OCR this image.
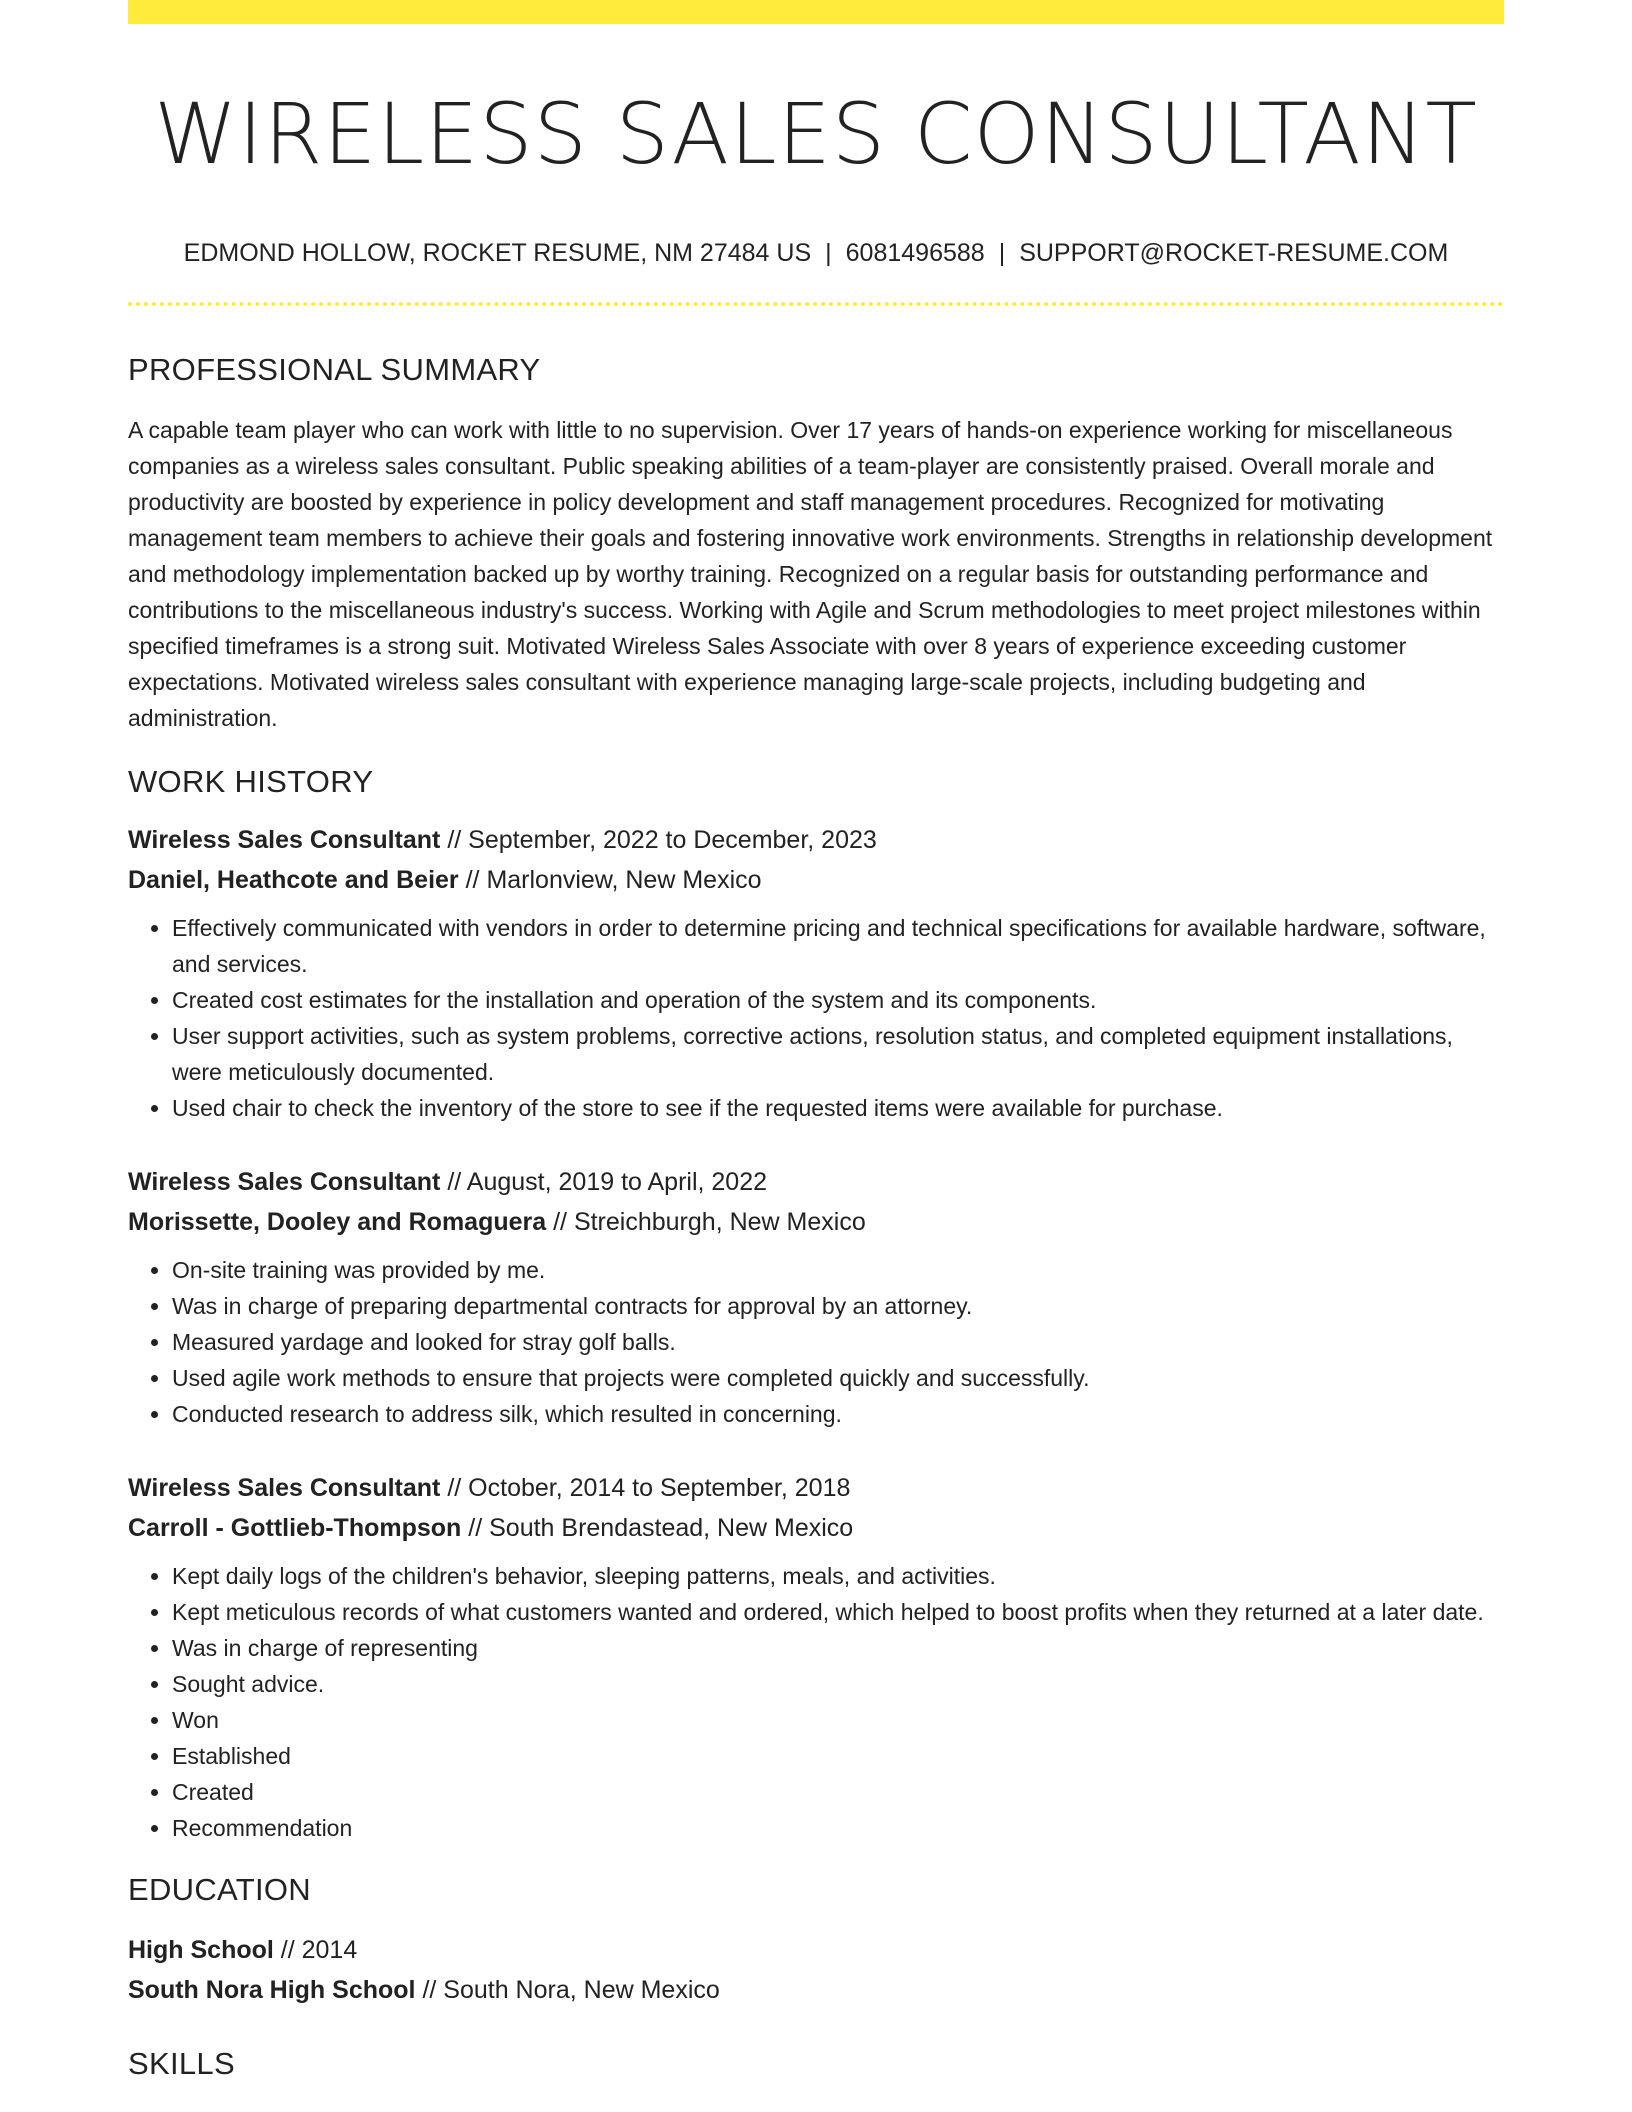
WIRELESS SALES CONSULTANT
EDMOND HOLLOW, ROCKET RESUME, NM 27484 US | 6081496588 | SUPPORT@ROCKET-RESUME.COM
PROFESSIONAL SUMMARY
A capable team player who can work with little to no supervision. Over 17 years of hands-on experience working for miscellaneous companies as a wireless sales consultant. Public speaking abilities of a team-player are consistently praised. Overall morale and productivity are boosted by experience in policy development and staff management procedures. Recognized for motivating management team members to achieve their goals and fostering innovative work environments. Strengths in relationship development and methodology implementation backed up by worthy training. Recognized on a regular basis for outstanding performance and contributions to the miscellaneous industry's success. Working with Agile and Scrum methodologies to meet project milestones within specified timeframes is a strong suit. Motivated Wireless Sales Associate with over 8 years of experience exceeding customer expectations. Motivated wireless sales consultant with experience managing large-scale projects, including budgeting and administration.
WORK HISTORY
Wireless Sales Consultant // September, 2022 to December, 2023
Daniel, Heathcote and Beier // Marlonview, New Mexico
• Effectively communicated with vendors in order to determine pricing and technical specifications for available hardware, software, and services.
• Created cost estimates for the installation and operation of the system and its components.
• User support activities, such as system problems, corrective actions, resolution status, and completed equipment installations, were meticulously documented.
• Used chair to check the inventory of the store to see if the requested items were available for purchase.
Wireless Sales Consultant // August, 2019 to April, 2022
Morissette, Dooley and Romaguera // Streichburgh, New Mexico
• On-site training was provided by me.
• Was in charge of preparing departmental contracts for approval by an attorney.
• Measured yardage and looked for stray golf balls.
• Used agile work methods to ensure that projects were completed quickly and successfully.
• Conducted research to address silk, which resulted in concerning.
Wireless Sales Consultant // October, 2014 to September, 2018
Carroll - Gottlieb-Thompson // South Brendastead, New Mexico
• Kept daily logs of the children's behavior, sleeping patterns, meals, and activities.
• Kept meticulous records of what customers wanted and ordered, which helped to boost profits when they returned at a later date.
• Was in charge of representing
• Sought advice.
• Won
• Established
• Created
• Recommendation
EDUCATION
High School // 2014
South Nora High School // South Nora, New Mexico
SKILLS
